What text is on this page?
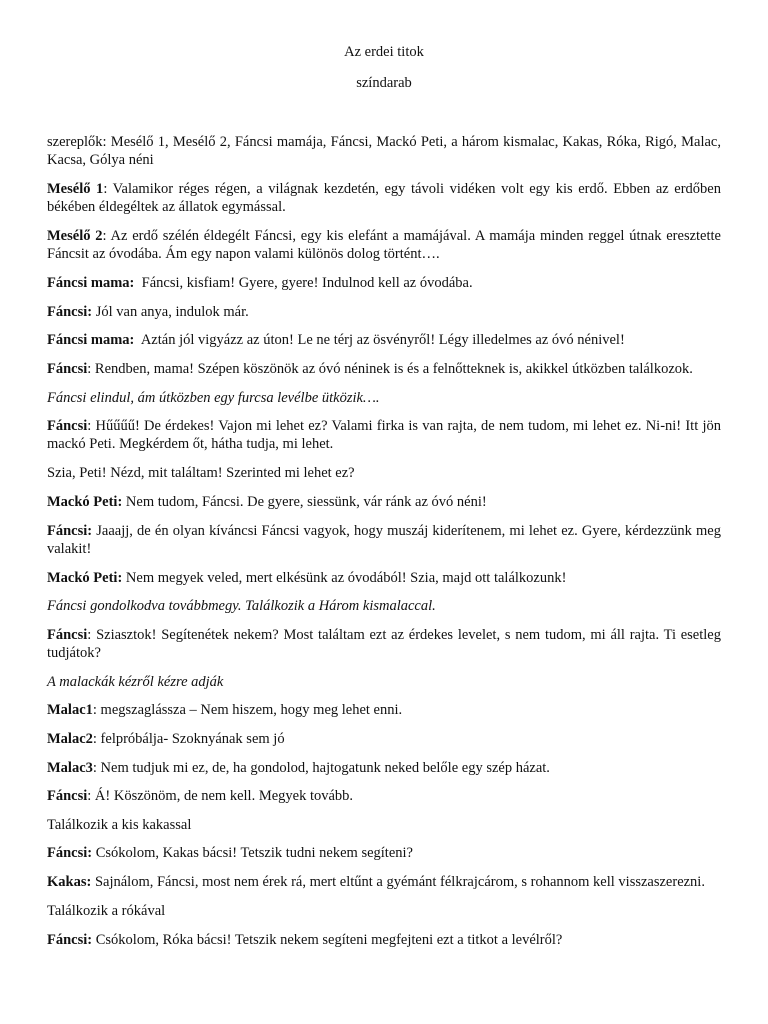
Az erdei titok
színdarab

szereplők: Mesélő 1, Mesélő 2, Fáncsi mamája, Fáncsi, Mackó Peti, a három kismalac, Kakas, Róka, Rigó, Malac, Kacsa, Gólya néni

Mesélő 1: Valamikor réges régen, a világnak kezdetén, egy távoli vidéken volt egy kis erdő. Ebben az erdőben békében éldegéltek az állatok egymással.

Mesélő 2: Az erdő szélén éldegélt Fáncsi, egy kis elefánt a mamájával. A mamája minden reggel útnak eresztette Fáncsit az óvodába. Ám egy napon valami különös dolog történt….

Fáncsi mama:  Fáncsi, kisfiam! Gyere, gyere! Indulnod kell az óvodába.

Fáncsi: Jól van anya, indulok már.

Fáncsi mama:  Aztán jól vigyázz az úton! Le ne térj az ösvényről! Légy illedelmes az óvó nénivel!

Fáncsi: Rendben, mama! Szépen köszönök az óvó néninek is és a felnőtteknek is, akikkel útközben találkozok.

Fáncsi elindul, ám útközben egy furcsa levélbe ütközik….

Fáncsi: Hűűűű! De érdekes! Vajon mi lehet ez? Valami firka is van rajta, de nem tudom, mi lehet ez. Ni-ni! Itt jön mackó Peti. Megkérdem őt, hátha tudja, mi lehet.

Szia, Peti! Nézd, mit találtam! Szerinted mi lehet ez?

Mackó Peti: Nem tudom, Fáncsi. De gyere, siessünk, vár ránk az óvó néni!

Fáncsi: Jaaajj, de én olyan kíváncsi Fáncsi vagyok, hogy muszáj kiderítenem, mi lehet ez. Gyere, kérdezzünk meg valakit!

Mackó Peti: Nem megyek veled, mert elkésünk az óvodából! Szia, majd ott találkozunk!

Fáncsi gondolkodva továbbmegy. Találkozik a Három kismalaccal.

Fáncsi: Sziasztok! Segítenétek nekem? Most találtam ezt az érdekes levelet, s nem tudom, mi áll rajta. Ti esetleg tudjátok?

A malackák kézről kézre adják

Malac1: megszaglássza – Nem hiszem, hogy meg lehet enni.

Malac2: felpróbálja- Szoknyának sem jó

Malac3: Nem tudjuk mi ez, de, ha gondolod, hajtogatunk neked belőle egy szép házat.

Fáncsi: Á! Köszönöm, de nem kell. Megyek tovább.

Találkozik a kis kakassal

Fáncsi: Csókolom, Kakas bácsi! Tetszik tudni nekem segíteni?

Kakas: Sajnálom, Fáncsi, most nem érek rá, mert eltűnt a gyémánt félkrajcárom, s rohannom kell visszaszerezni.

Találkozik a rókával

Fáncsi: Csókolom, Róka bácsi! Tetszik nekem segíteni megfejteni ezt a titkot a levélről?
